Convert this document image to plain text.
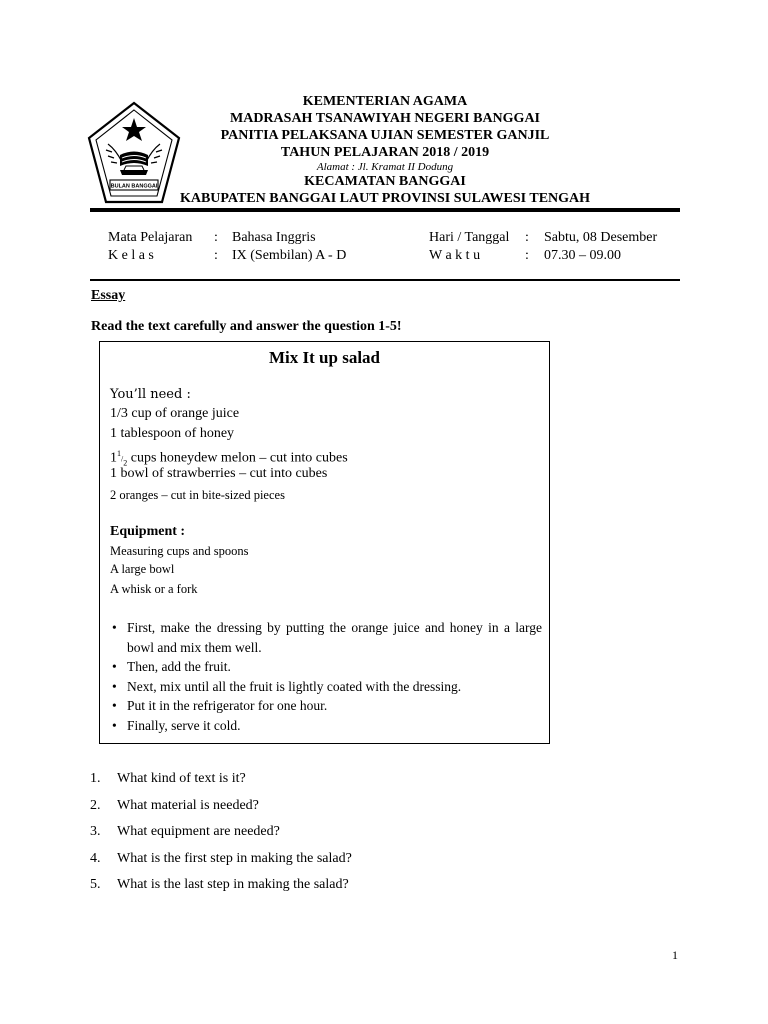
BULAN BANGGAI
KEMENTERIAN AGAMA
MADRASAH TSANAWIYAH NEGERI BANGGAI
PANITIA PELAKSANA UJIAN SEMESTER GANJIL
TAHUN PELAJARAN 2018 / 2019
Alamat : Jl. Kramat II Dodung
KECAMATAN BANGGAI
KABUPATEN BANGGAI LAUT PROVINSI SULAWESI TENGAH
Mata Pelajaran : Bahasa Inggris	Hari / Tanggal : Sabtu, 08 Desember
K e l a s	: IX (Sembilan) A - D	W a k t u	: 07.30 – 09.00
Essay
Read the text carefully and answer the question 1-5!
Mix It up salad
You’ll need :
1/3 cup of orange juice
1 tablespoon of honey
$1^1/_2$ cups honeydew melon – cut into cubes
1 bowl of strawberries – cut into cubes
2 oranges – cut in bite-sized pieces
Equipment :
Measuring cups and spoons
A large bowl
A whisk or a fork
• First, make the dressing by putting the orange juice and honey in a large bowl and mix them well.
• Then, add the fruit.
• Next, mix until all the fruit is lightly coated with the dressing.
• Put it in the refrigerator for one hour.
• Finally, serve it cold.
1. What kind of text is it?
2. What material is needed?
3. What equipment are needed?
4. What is the first step in making the salad?
5. What is the last step in making the salad?
1
